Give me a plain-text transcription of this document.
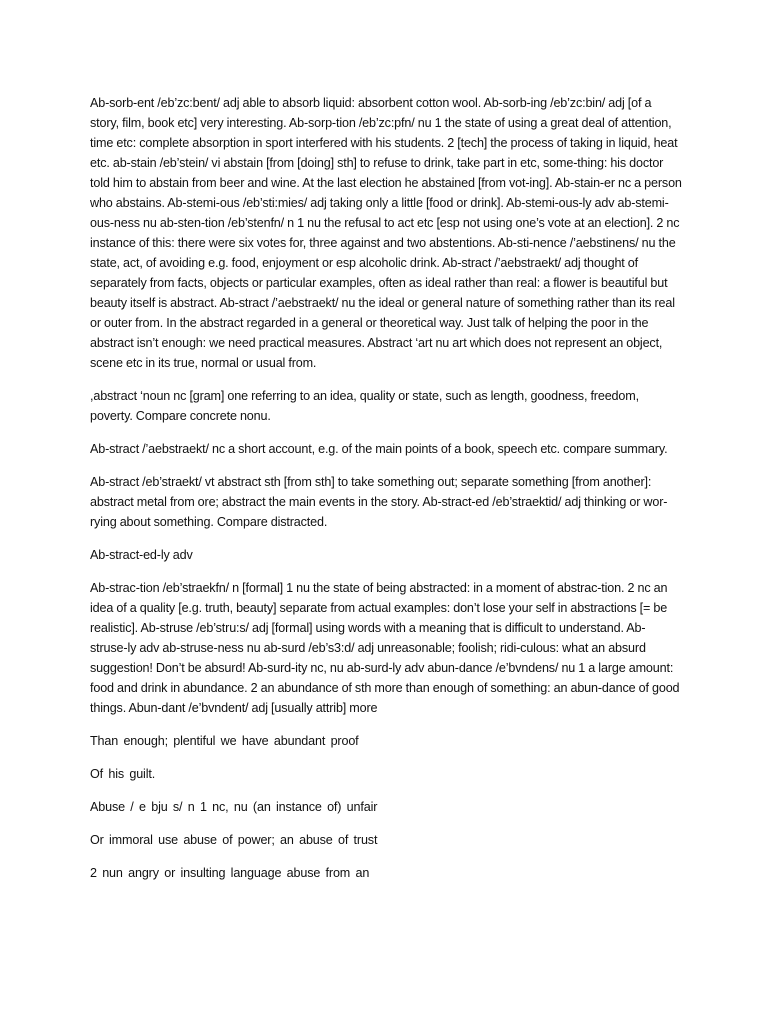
Ab-sorb-ent /eb’zc:bent/ adj able to absorb liquid: absorbent cotton wool. Ab-sorb-ing /eb’zc:bin/ adj [of a story, film, book etc] very interesting. Ab-sorp-tion /eb’zc:pfn/ nu 1 the state of using a great deal of attention, time etc: complete absorption in sport interfered with his students. 2 [tech] the process of taking in liquid, heat etc. ab-stain /eb’stein/ vi abstain [from [doing] sth] to refuse to drink, take part in etc, some-thing: his doctor told him to abstain from beer and wine. At the last election he abstained [from vot-ing]. Ab-stain-er nc a person who abstains. Ab-stemi-ous /eb’sti:mies/ adj taking only a little [food or drink]. Ab-stemi-ous-ly adv ab-stemi-ous-ness nu ab-sten-tion /eb’stenfn/ n 1 nu the refusal to act etc [esp not using one’s vote at an election]. 2 nc instance of this: there were six votes for, three against and two abstentions. Ab-sti-nence /’aebstinens/ nu the state, act, of avoiding e.g. food, enjoyment or esp alcoholic drink. Ab-stract /’aebstraekt/ adj thought of separately from facts, objects or particular examples, often as ideal rather than real: a flower is beautiful but beauty itself is abstract. Ab-stract /’aebstraekt/ nu the ideal or general nature of something rather than its real or outer from. In the abstract regarded in a general or theoretical way. Just talk of helping the poor in the abstract isn’t enough: we need practical measures. Abstract ‘art nu art which does not represent an object, scene etc in its true, normal or usual from.

,abstract ‘noun nc [gram] one referring to an idea, quality or state, such as length, goodness, freedom, poverty. Compare concrete nonu.

Ab-stract /’aebstraekt/ nc a short account, e.g. of the main points of a book, speech etc. compare summary.

Ab-stract /eb’straekt/ vt abstract sth [from sth] to take something out; separate something [from another]: abstract metal from ore; abstract the main events in the story. Ab-stract-ed /eb’straektid/ adj thinking or wor-rying about something. Compare distracted.

Ab-stract-ed-ly adv

Ab-strac-tion /eb’straekfn/ n [formal] 1 nu the state of being abstracted: in a moment of abstrac-tion. 2 nc an idea of a quality [e.g. truth, beauty] separate from actual examples: don’t lose your self in abstractions [= be realistic]. Ab-struse /eb’stru:s/ adj [formal] using words with a meaning that is difficult to understand. Ab-struse-ly adv ab-struse-ness nu ab-surd /eb’s3:d/ adj unreasonable; foolish; ridi-culous: what an absurd suggestion! Don’t be absurd! Ab-surd-ity nc, nu ab-surd-ly adv abun-dance /e’bvndens/ nu 1 a large amount: food and drink in abundance. 2 an abundance of sth more than enough of something: an abun-dance of good things. Abun-dant /e’bvndent/ adj [usually attrib] more

Than enough; plentiful we have abundant proof

Of his guilt.

Abuse / e bju s/ n 1 nc, nu (an instance of) unfair

Or immoral use abuse of power; an abuse of trust

2 nun angry or insulting language abuse from an
